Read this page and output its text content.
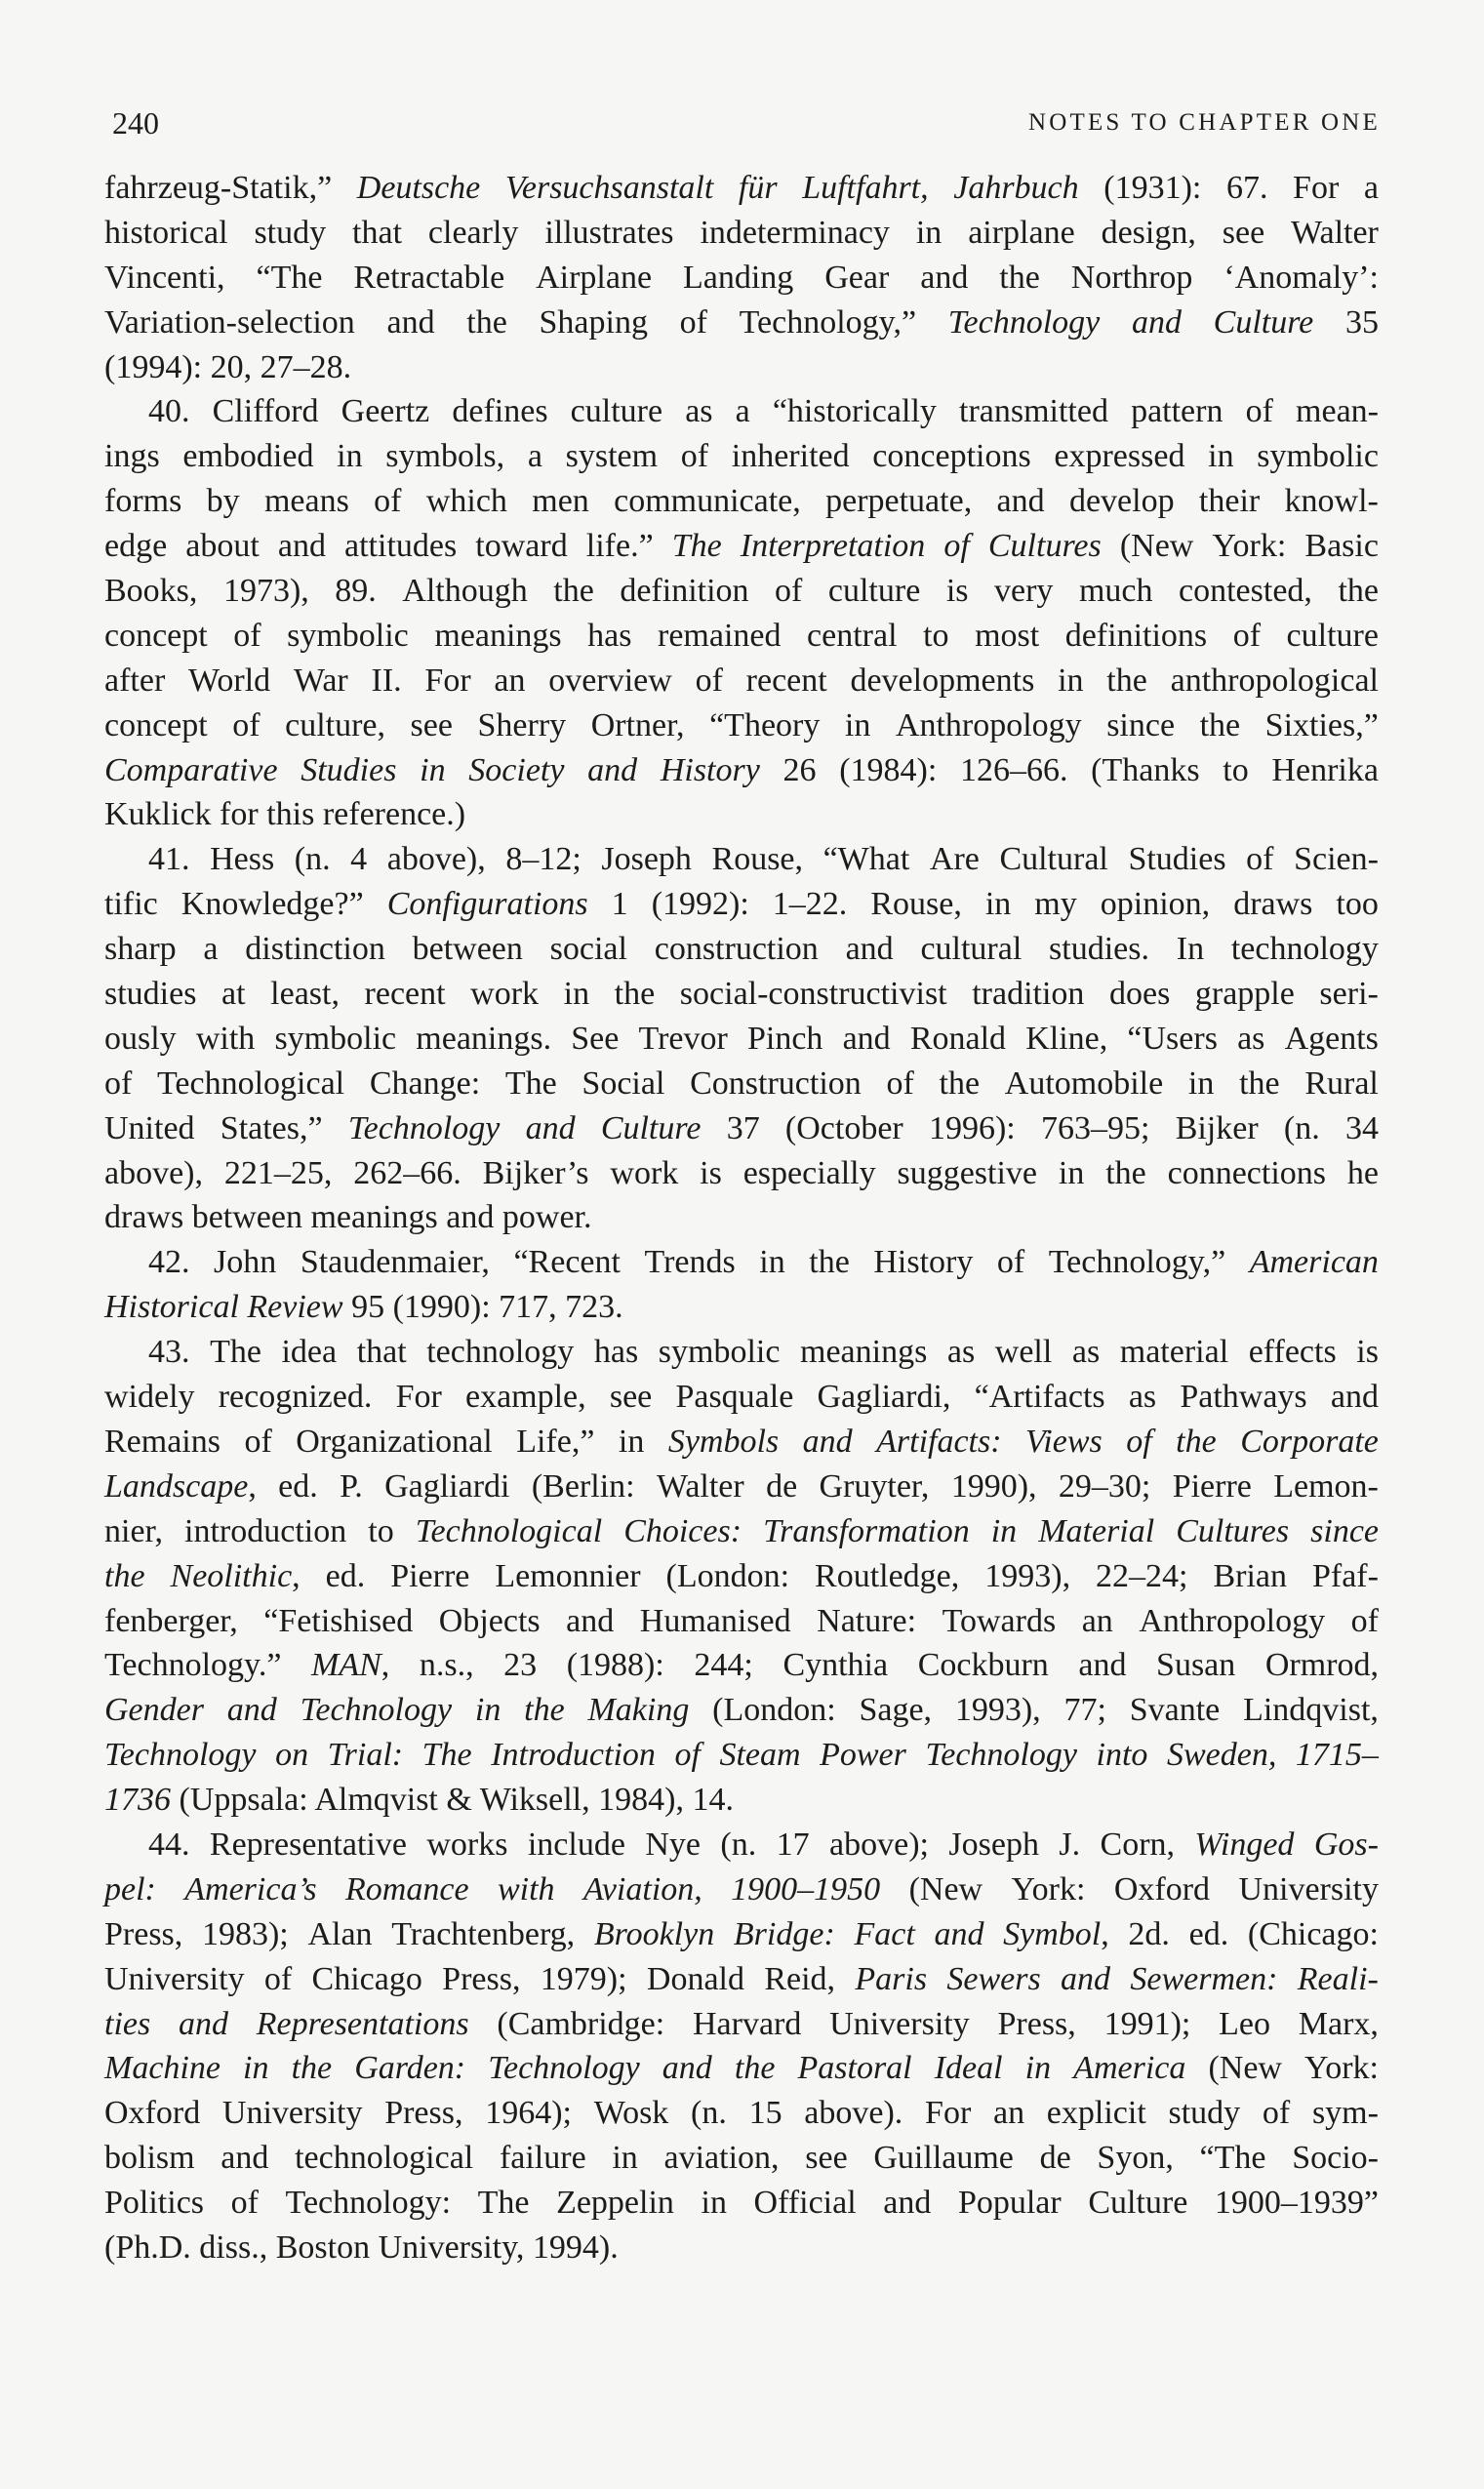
240	NOTES TO CHAPTER ONE
fahrzeug-Statik,” Deutsche Versuchsanstalt für Luftfahrt, Jahrbuch (1931): 67. For a
historical study that clearly illustrates indeterminacy in airplane design, see Walter
Vincenti, “The Retractable Airplane Landing Gear and the Northrop ‘Anomaly’:
Variation-selection and the Shaping of Technology,” Technology and Culture 35
(1994): 20, 27–28.
40. Clifford Geertz defines culture as a “historically transmitted pattern of mean-
ings embodied in symbols, a system of inherited conceptions expressed in symbolic
forms by means of which men communicate, perpetuate, and develop their knowl-
edge about and attitudes toward life.” The Interpretation of Cultures (New York: Basic
Books, 1973), 89. Although the definition of culture is very much contested, the
concept of symbolic meanings has remained central to most definitions of culture
after World War II. For an overview of recent developments in the anthropological
concept of culture, see Sherry Ortner, “Theory in Anthropology since the Sixties,”
Comparative Studies in Society and History 26 (1984): 126–66. (Thanks to Henrika
Kuklick for this reference.)
41. Hess (n. 4 above), 8–12; Joseph Rouse, “What Are Cultural Studies of Scien-
tific Knowledge?” Configurations 1 (1992): 1–22. Rouse, in my opinion, draws too
sharp a distinction between social construction and cultural studies. In technology
studies at least, recent work in the social-constructivist tradition does grapple seri-
ously with symbolic meanings. See Trevor Pinch and Ronald Kline, “Users as Agents
of Technological Change: The Social Construction of the Automobile in the Rural
United States,” Technology and Culture 37 (October 1996): 763–95; Bijker (n. 34
above), 221–25, 262–66. Bijker’s work is especially suggestive in the connections he
draws between meanings and power.
42. John Staudenmaier, “Recent Trends in the History of Technology,” American
Historical Review 95 (1990): 717, 723.
43. The idea that technology has symbolic meanings as well as material effects is
widely recognized. For example, see Pasquale Gagliardi, “Artifacts as Pathways and
Remains of Organizational Life,” in Symbols and Artifacts: Views of the Corporate
Landscape, ed. P. Gagliardi (Berlin: Walter de Gruyter, 1990), 29–30; Pierre Lemon-
nier, introduction to Technological Choices: Transformation in Material Cultures since
the Neolithic, ed. Pierre Lemonnier (London: Routledge, 1993), 22–24; Brian Pfaf-
fenberger, “Fetishised Objects and Humanised Nature: Towards an Anthropology of
Technology.” MAN, n.s., 23 (1988): 244; Cynthia Cockburn and Susan Ormrod,
Gender and Technology in the Making (London: Sage, 1993), 77; Svante Lindqvist,
Technology on Trial: The Introduction of Steam Power Technology into Sweden, 1715–
1736 (Uppsala: Almqvist & Wiksell, 1984), 14.
44. Representative works include Nye (n. 17 above); Joseph J. Corn, Winged Gos-
pel: America’s Romance with Aviation, 1900–1950 (New York: Oxford University
Press, 1983); Alan Trachtenberg, Brooklyn Bridge: Fact and Symbol, 2d. ed. (Chicago:
University of Chicago Press, 1979); Donald Reid, Paris Sewers and Sewermen: Reali-
ties and Representations (Cambridge: Harvard University Press, 1991); Leo Marx,
Machine in the Garden: Technology and the Pastoral Ideal in America (New York:
Oxford University Press, 1964); Wosk (n. 15 above). For an explicit study of sym-
bolism and technological failure in aviation, see Guillaume de Syon, “The Socio-
Politics of Technology: The Zeppelin in Official and Popular Culture 1900–1939”
(Ph.D. diss., Boston University, 1994).
